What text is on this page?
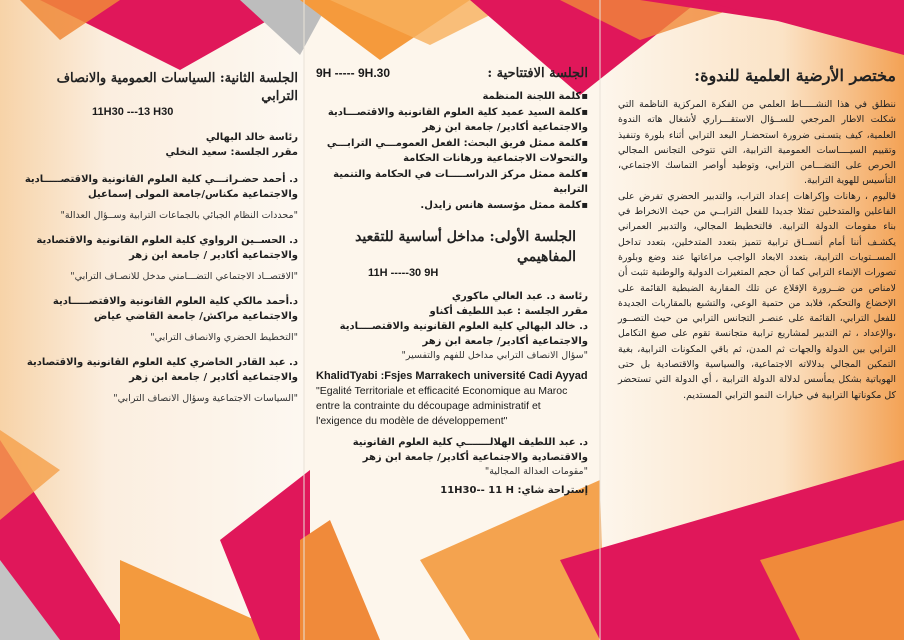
مختصر الأرضية العلمية للندوة:

ننطلق في هذا النشـــــاط العلمي من الفكرة المركزية الناظمة التي شكلت الاطار المرجعي للســؤال الاستقـــراري لأشغال هاته الندوة العلمية، كيف يتسـنى ضرورة استحضـار البعد الترابي أثناء بلورة وتنفيذ وتقييم السيــــاسات العمومية الترابية، التي تتوخى التجانس المجالي الحرص على التضـــامن الترابي، وتوطيد أواصر التماسك الاجتماعي، التأسيس للهوية الترابية.

فاليوم ، رهانات وإكراهات إعداد التراب، والتدبير الحضري تفرض على الفاعلين والمتدخلين تمثلا جديدا للفعل الترابــي من حيث الانخراط في بناء مقومات الدولة الترابية. فالتخطيط المجالي، والتدبير العمراني يكشـف أننا أمام أنســاق ترابية تتميز بتعدد المتدخلين، بتعدد تداخل المســتويات الترابية، بتعدد الابعاد الواجب مراعاتها عند وضع وبلورة تصورات الإنماء الترابي كما أن حجم المتغيرات الدولية والوطنية تثبت أن لامناص من ضــرورة الإقلاع عن تلك المقاربة الضبطية القائمة على الإخضاع والتحكم، فلابد من حتمية الوعي، والتشبع بالمقاربات الجديدة للفعل الترابي، القائمة على عنصـر التجانس الترابي من حيث التصــور ،والإعداد ، ثم التدبير لمشاريع ترابية متجانسة تقوم على صيغ التكامل الترابي بين الدولة والجهات ثم المدن، ثم باقي المكونات الترابية، بغية التمكين المجالي بدلالاته الاجتماعية، والسياسية والاقتصادية بل حتى الهوياتية بشكل يمأسس لدلالة الدولة الترابية ، أي الدولة التي تستحضر كل مكوناتها الترابية في خيارات النمو الترابي المستديم.

الجلسة الافتتاحية :
9H ----- 9H.30

▪كلمة اللجنة المنظمة

▪كلمة السيد عميد كلية العلوم القانونية والاقتصـــادية والاجتماعية أكادير/ جامعة ابن زهر

▪كلمة ممثل فريق البحث: الفعل العمومـــي الترابـــي والتحولات الاجتماعية ورهانات الحكامة

▪كلمة ممثل مركز الدراســـــات في الحكامة والتنمية الترابية

▪كلمة ممثل مؤسسة هانس زايدل.

الجلسة الأولى: مداخل أساسية للتقعيد المفاهيمي
11H -----30 9H

رئاسة د. عبد العالي ماكوري

مقرر الجلسة : عبد اللطيف أكناو

د. خالد البهالي كلية العلوم القانونية والاقتصــــادية والاجتماعية أكادير/ جامعة ابن زهر

"سؤال الانصاف الترابي مداخل للفهم والتفسير"

KhalidTyabi :Fsjes Marrakech université Cadi Ayyad

"Egalité Territoriale et efficacité Economique au Maroc entre la contrainte du découpage administratif et l'exigence du modèle de développement"

د. عبد اللطيف الهلالـــــــي كلية العلوم القانونية والاقتصادية والاجتماعية أكادير/ جامعة ابن زهر

"مقومات العدالة المجالية"

إستراحة شاي: 11H30-- 11 H

الجلسة الثانية: السياسات العمومية والانصاف الترابي
11H30 ---13 H30

رئاسة خالد البهالي

مقرر الجلسة: سعيد النخلي

د. أحمد حضـرانـــي كلية العلوم القانونية والاقتصـــــادية والاجتماعية مكناس/جامعة المولى إسماعيل

"محددات النظام الجبائي بالجماعات الترابية وســؤال العدالة"

د. الحســين الرواوي كلية العلوم القانونية والاقتصادية والاجتماعية أكادير / جامعة ابن زهر

"الاقتصــاد الاجتماعي التضـــامني مدخل للانصـاف الترابي"

د.أحمد مالكي كلية العلوم القانونية والاقتصـــــادية والاجتماعية مراكش/ جامعة القاضي عياض

"التخطيط الحضري والانصاف الترابي"

د. عبد القادر الخاضري كلية العلوم القانونية والاقتصادية والاجتماعية أكادير / جامعة ابن زهر

"السياسات الاجتماعية وسؤال الانصاف الترابي"
